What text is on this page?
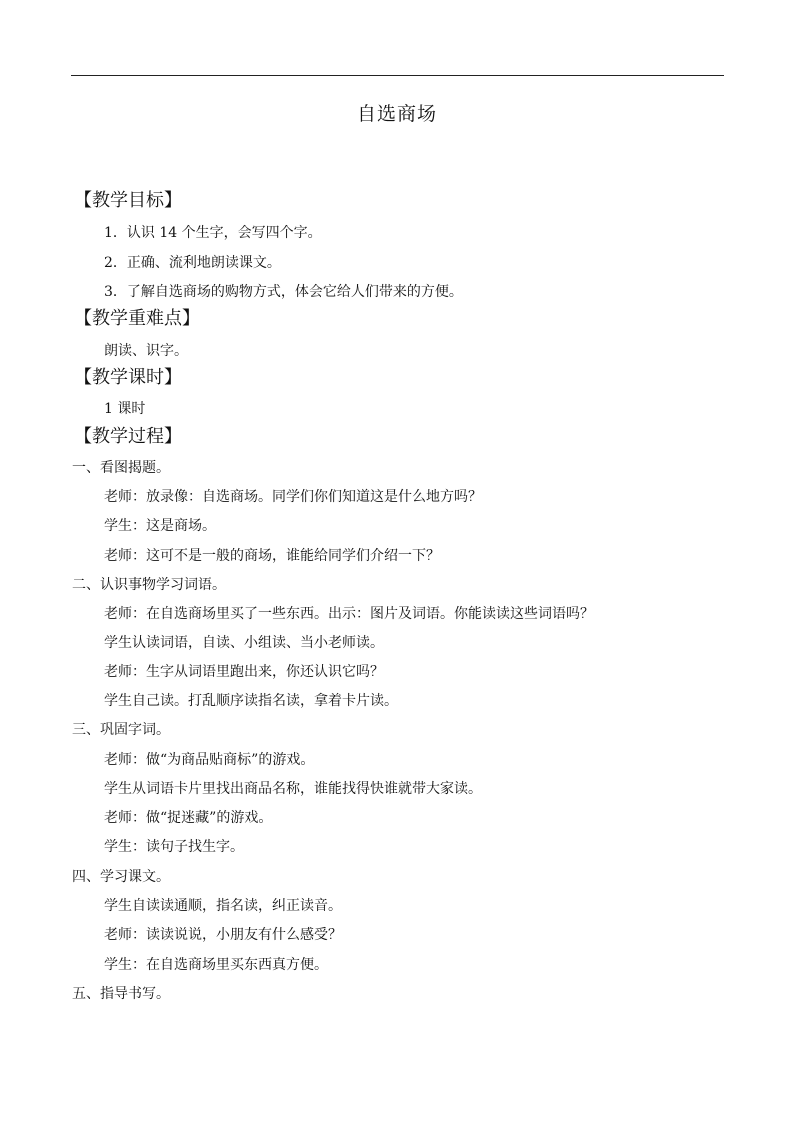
自选商场
【教学目标】
1．认识 14 个生字，会写四个字。
2．正确、流利地朗读课文。
3．了解自选商场的购物方式，体会它给人们带来的方便。
【教学重难点】
朗读、识字。
【教学课时】
1 课时
【教学过程】
一、看图揭题。
老师：放录像：自选商场。同学们你们知道这是什么地方吗？
学生：这是商场。
老师：这可不是一般的商场，谁能给同学们介绍一下？
二、认识事物学习词语。
老师：在自选商场里买了一些东西。出示：图片及词语。你能读读这些词语吗？
学生认读词语，自读、小组读、当小老师读。
老师：生字从词语里跑出来，你还认识它吗？
学生自己读。打乱顺序读指名读，拿着卡片读。
三、巩固字词。
老师：做“为商品贴商标”的游戏。
学生从词语卡片里找出商品名称，谁能找得快谁就带大家读。
老师：做“捉迷藏”的游戏。
学生：读句子找生字。
四、学习课文。
学生自读读通顺，指名读，纠正读音。
老师：读读说说，小朋友有什么感受？
学生：在自选商场里买东西真方便。
五、指导书写。
